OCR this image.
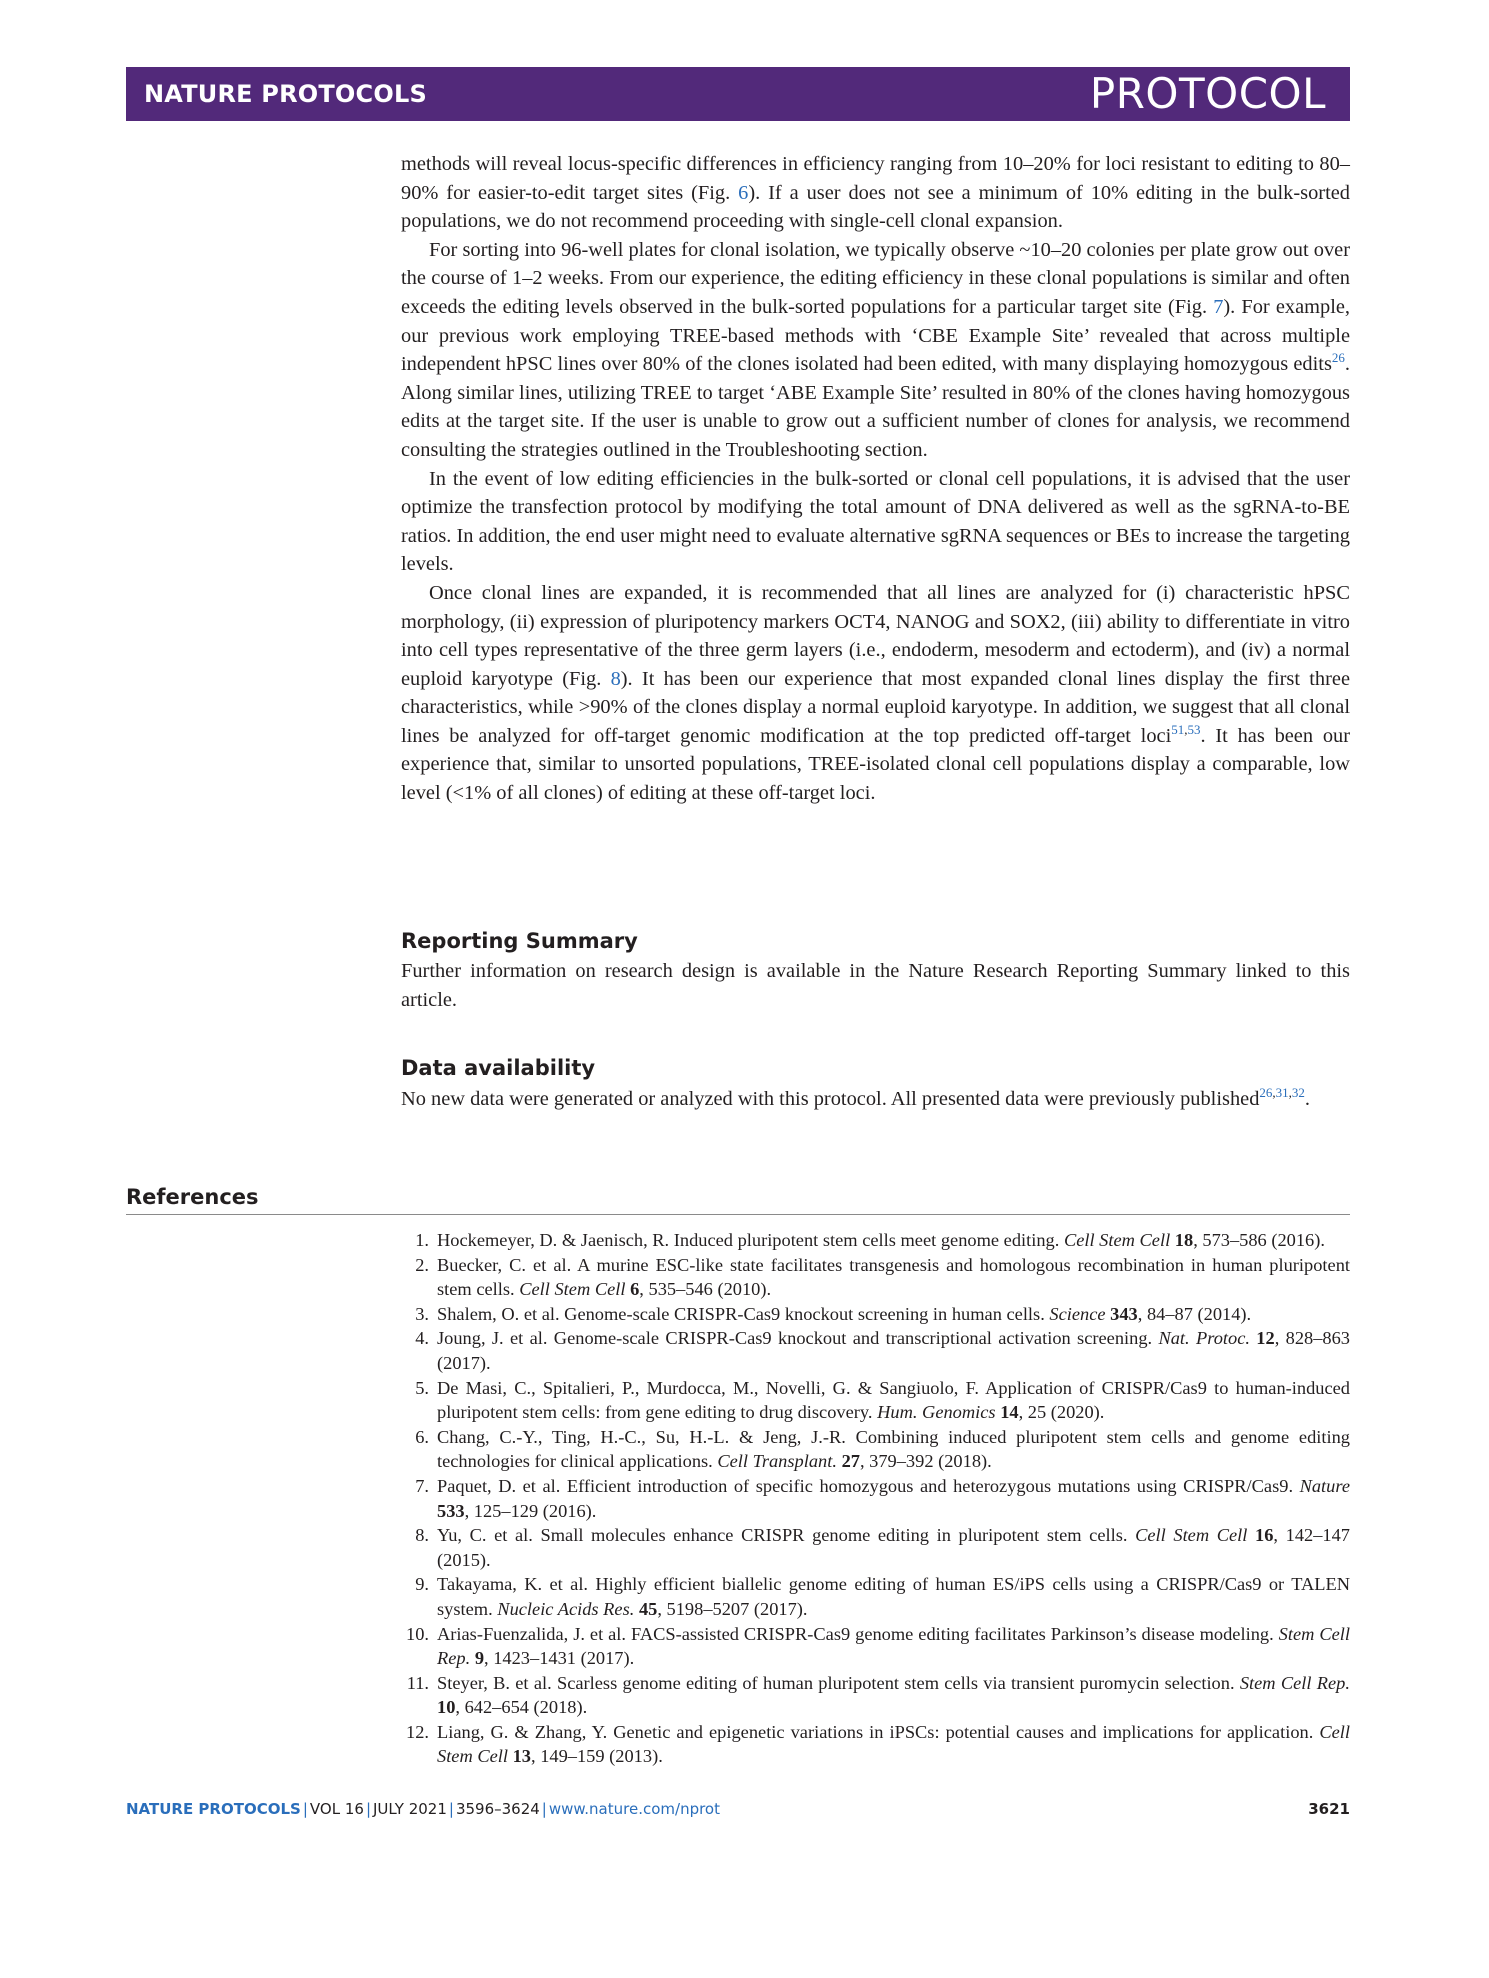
NATURE PROTOCOLS	PROTOCOL

methods will reveal locus-specific differences in efficiency ranging from 10–20% for loci resistant to editing to 80–90% for easier-to-edit target sites (Fig. 6). If a user does not see a minimum of 10% editing in the bulk-sorted populations, we do not recommend proceeding with single-cell clonal expansion.

For sorting into 96-well plates for clonal isolation, we typically observe ~10–20 colonies per plate grow out over the course of 1–2 weeks. From our experience, the editing efficiency in these clonal populations is similar and often exceeds the editing levels observed in the bulk-sorted populations for a particular target site (Fig. 7). For example, our previous work employing TREE-based methods with ‘CBE Example Site’ revealed that across multiple independent hPSC lines over 80% of the clones isolated had been edited, with many displaying homozygous edits$^{26}$. Along similar lines, utilizing TREE to target ‘ABE Example Site’ resulted in 80% of the clones having homozygous edits at the target site. If the user is unable to grow out a sufficient number of clones for analysis, we recommend consulting the strategies outlined in the Troubleshooting section.

In the event of low editing efficiencies in the bulk-sorted or clonal cell populations, it is advised that the user optimize the transfection protocol by modifying the total amount of DNA delivered as well as the sgRNA-to-BE ratios. In addition, the end user might need to evaluate alternative sgRNA sequences or BEs to increase the targeting levels.

Once clonal lines are expanded, it is recommended that all lines are analyzed for (i) characteristic hPSC morphology, (ii) expression of pluripotency markers OCT4, NANOG and SOX2, (iii) ability to differentiate in vitro into cell types representative of the three germ layers (i.e., endoderm, mesoderm and ectoderm), and (iv) a normal euploid karyotype (Fig. 8). It has been our experience that most expanded clonal lines display the first three characteristics, while >90% of the clones display a normal euploid karyotype. In addition, we suggest that all clonal lines be analyzed for off-target genomic modification at the top predicted off-target loci$^{51,53}$. It has been our experience that, similar to unsorted populations, TREE-isolated clonal cell populations display a comparable, low level (<1% of all clones) of editing at these off-target loci.

Reporting Summary
Further information on research design is available in the Nature Research Reporting Summary linked to this article.
Data availability
No new data were generated or analyzed with this protocol. All presented data were previously published$^{26,31,32}$.
References
1. Hockemeyer, D. & Jaenisch, R. Induced pluripotent stem cells meet genome editing. Cell Stem Cell 18, 573–586 (2016).
2. Buecker, C. et al. A murine ESC-like state facilitates transgenesis and homologous recombination in human pluripotent stem cells. Cell Stem Cell 6, 535–546 (2010).
3. Shalem, O. et al. Genome-scale CRISPR-Cas9 knockout screening in human cells. Science 343, 84–87 (2014).
4. Joung, J. et al. Genome-scale CRISPR-Cas9 knockout and transcriptional activation screening. Nat. Protoc. 12, 828–863 (2017).
5. De Masi, C., Spitalieri, P., Murdocca, M., Novelli, G. & Sangiuolo, F. Application of CRISPR/Cas9 to human-induced pluripotent stem cells: from gene editing to drug discovery. Hum. Genomics 14, 25 (2020).
6. Chang, C.-Y., Ting, H.-C., Su, H.-L. & Jeng, J.-R. Combining induced pluripotent stem cells and genome editing technologies for clinical applications. Cell Transplant. 27, 379–392 (2018).
7. Paquet, D. et al. Efficient introduction of specific homozygous and heterozygous mutations using CRISPR/Cas9. Nature 533, 125–129 (2016).
8. Yu, C. et al. Small molecules enhance CRISPR genome editing in pluripotent stem cells. Cell Stem Cell 16, 142–147 (2015).
9. Takayama, K. et al. Highly efficient biallelic genome editing of human ES/iPS cells using a CRISPR/Cas9 or TALEN system. Nucleic Acids Res. 45, 5198–5207 (2017).
10. Arias-Fuenzalida, J. et al. FACS-assisted CRISPR-Cas9 genome editing facilitates Parkinson’s disease modeling. Stem Cell Rep. 9, 1423–1431 (2017).
11. Steyer, B. et al. Scarless genome editing of human pluripotent stem cells via transient puromycin selection. Stem Cell Rep. 10, 642–654 (2018).
12. Liang, G. & Zhang, Y. Genetic and epigenetic variations in iPSCs: potential causes and implications for application. Cell Stem Cell 13, 149–159 (2013).
NATURE PROTOCOLS | VOL 16 | JULY 2021 | 3596–3624 | www.nature.com/nprot	3621
